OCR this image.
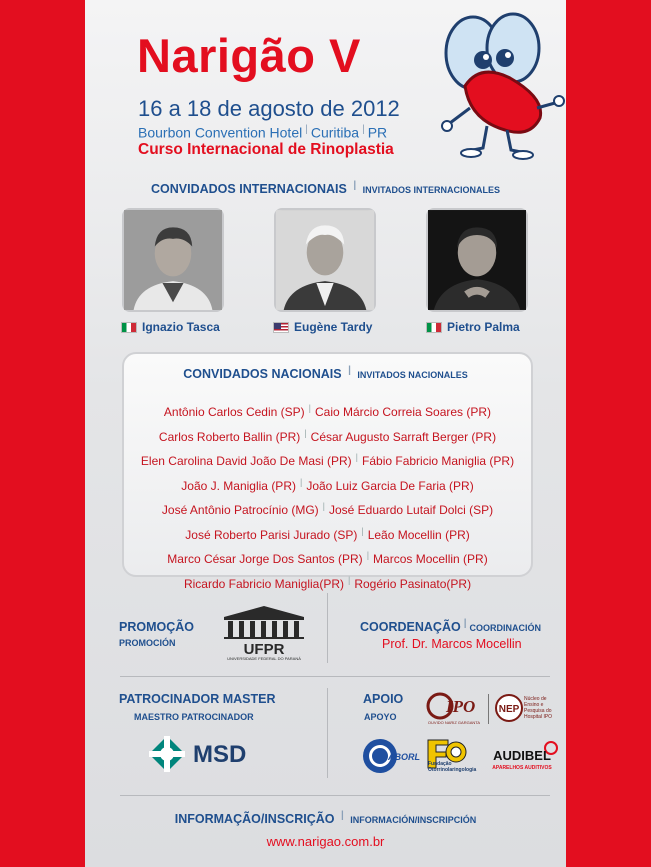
Narigão V
16 a 18 de agosto de 2012
Bourbon Convention Hotel | Curitiba | PR
Curso Internacional de Rinoplastia
CONVIDADOS INTERNACIONAIS | INVITADOS INTERNACIONALES
Ignazio Tasca	Eugène Tardy	Pietro Palma
CONVIDADOS NACIONAIS | INVITADOS NACIONALES
Antônio Carlos Cedin (SP) | Caio Márcio Correia Soares (PR)
Carlos Roberto Ballin (PR) | César Augusto Sarraft Berger (PR)
Elen Carolina David João De Masi (PR) | Fábio Fabricio Maniglia (PR)
João J. Maniglia (PR) | João Luiz Garcia De Faria (PR)
José Antônio Patrocínio (MG) | José Eduardo Lutaif Dolci (SP)
José Roberto Parisi Jurado (SP) | Leão Mocellin (PR)
Marco César Jorge Dos Santos (PR) | Marcos Mocellin (PR)
Ricardo Fabricio Maniglia(PR) | Rogério Pasinato(PR)
PROMOÇÃO
PROMOCIÓN	UFPR
UNIVERSIDADE FEDERAL DO PARANÁ
COORDENAÇÃO | COORDINACIÓN
Prof. Dr. Marcos Mocellin
PATROCINADOR MASTER
MAESTRO PATROCINADOR
MSD
APOIO
APOYO
IPO
OUVIDO NARIZ GARGANTA
NEP
Núcleo de Ensino e Pesquisa do Hospital IPO
ABORL
Fundação Otorrinolaringologia
AUDIBEL
APARELHOS AUDITIVOS
INFORMAÇÃO/INSCRIÇÃO | INFORMACIÓN/INSCRIPCIÓN
www.narigao.com.br
